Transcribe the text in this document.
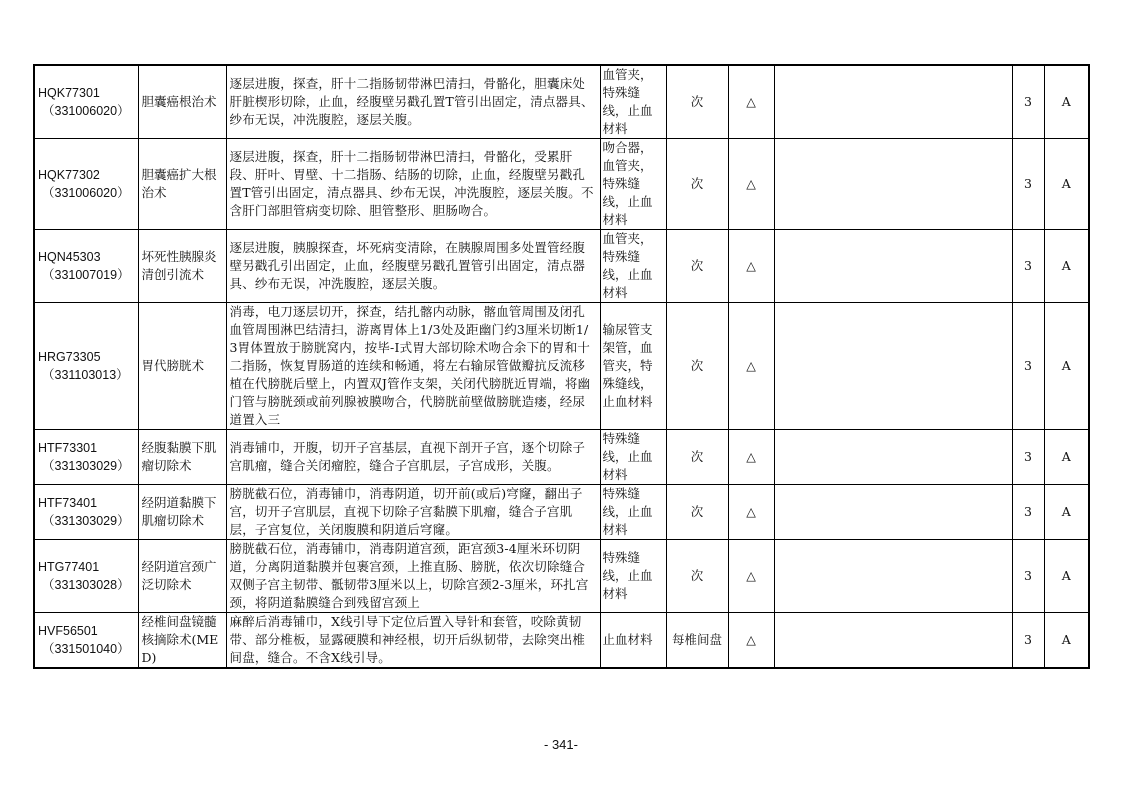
HQK77301
（331006020）	胆囊癌根治术	逐层进腹，探查，肝十二指肠韧带淋巴清扫，骨骼化，胆囊床处肝脏楔形切除，止血，经腹壁另戳孔置T管引出固定，清点器具、纱布无误，冲洗腹腔，逐层关腹。	血管夹，特殊缝线，止血材料	次	△		3	A
HQK77302
（331006020）	胆囊癌扩大根治术	逐层进腹，探查，肝十二指肠韧带淋巴清扫，骨骼化，受累肝段、肝叶、胃壁、十二指肠、结肠的切除，止血，经腹壁另戳孔置T管引出固定，清点器具、纱布无误，冲洗腹腔，逐层关腹。不含肝门部胆管病变切除、胆管整形、胆肠吻合。	吻合器，血管夹，特殊缝线，止血材料	次	△		3	A
HQN45303
（331007019）	坏死性胰腺炎清创引流术	逐层进腹，胰腺探查，坏死病变清除，在胰腺周围多处置管经腹壁另戳孔引出固定，止血，经腹壁另戳孔置管引出固定，清点器具、纱布无误，冲洗腹腔，逐层关腹。	血管夹，特殊缝线，止血材料	次	△		3	A
HRG73305
（331103013）	胃代膀胱术	消毒，电刀逐层切开，探查，结扎髂内动脉，髂血管周围及闭孔血管周围淋巴结清扫，游离胃体上1/3处及距幽门约3厘米切断1/3胃体置放于膀胱窝内，按毕-I式胃大部切除术吻合余下的胃和十二指肠，恢复胃肠道的连续和畅通，将左右输尿管做瓣抗反流移植在代膀胱后壁上，内置双J管作支架，关闭代膀胱近胃端，将幽门管与膀胱颈或前列腺被膜吻合，代膀胱前壁做膀胱造瘘，经尿道置入三	输尿管支架管，血管夹，特殊缝线，止血材料	次	△		3	A
HTF73301
（331303029）	经腹黏膜下肌瘤切除术	消毒铺巾，开腹，切开子宫基层，直视下剖开子宫，逐个切除子宫肌瘤，缝合关闭瘤腔，缝合子宫肌层，子宫成形，关腹。	特殊缝线，止血材料	次	△		3	A
HTF73401
（331303029）	经阴道黏膜下肌瘤切除术	膀胱截石位，消毒铺巾，消毒阴道，切开前(或后)穹窿，翻出子宫，切开子宫肌层，直视下切除子宫黏膜下肌瘤，缝合子宫肌层，子宫复位，关闭腹膜和阴道后穹窿。	特殊缝线，止血材料	次	△		3	A
HTG77401
（331303028）	经阴道宫颈广泛切除术	膀胱截石位，消毒铺巾，消毒阴道宫颈，距宫颈3-4厘米环切阴道，分离阴道黏膜并包裹宫颈，上推直肠、膀胱，依次切除缝合双侧子宫主韧带、骶韧带3厘米以上，切除宫颈2-3厘米，环扎宫颈，将阴道黏膜缝合到残留宫颈上	特殊缝线，止血材料	次	△		3	A
HVF56501
（331501040）	经椎间盘镜髓核摘除术(MED)	麻醉后消毒铺巾，X线引导下定位后置入导针和套管，咬除黄韧带、部分椎板，显露硬膜和神经根，切开后纵韧带，去除突出椎间盘，缝合。不含X线引导。	止血材料	每椎间盘	△		3	A
- 341-
